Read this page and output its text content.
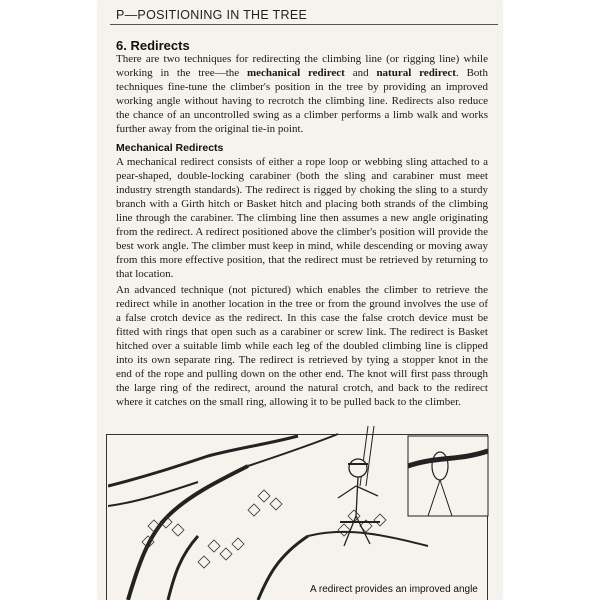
P—POSITIONING IN THE TREE
6. Redirects
There are two techniques for redirecting the climbing line (or rigging line) while working in the tree—the mechanical redirect and natural redirect. Both techniques fine-tune the climber's position in the tree by providing an improved working angle without having to recrotch the climbing line. Redirects also reduce the chance of an uncontrolled swing as a climber performs a limb walk and works further away from the original tie-in point.
Mechanical Redirects
A mechanical redirect consists of either a rope loop or webbing sling attached to a pear-shaped, double-locking carabiner (both the sling and carabiner must meet industry strength standards). The redirect is rigged by choking the sling to a sturdy branch with a Girth hitch or Basket hitch and placing both strands of the climbing line through the carabiner. The climbing line then assumes a new angle originating from the redirect. A redirect positioned above the climber's position will provide the best work angle. The climber must keep in mind, while descending or moving away from this more effective position, that the redirect must be retrieved by returning to that location.
An advanced technique (not pictured) which enables the climber to retrieve the redirect while in another location in the tree or from the ground involves the use of a false crotch device as the redirect. In this case the false crotch device must be fitted with rings that open such as a carabiner or screw link. The redirect is Basket hitched over a suitable limb while each leg of the doubled climbing line is clipped into its own separate ring. The redirect is retrieved by tying a stopper knot in the end of the rope and pulling down on the other end. The knot will first pass through the large ring of the redirect, around the natural crotch, and back to the redirect where it catches on the small ring, allowing it to be pulled back to the climber.
A redirect provides an improved angle
